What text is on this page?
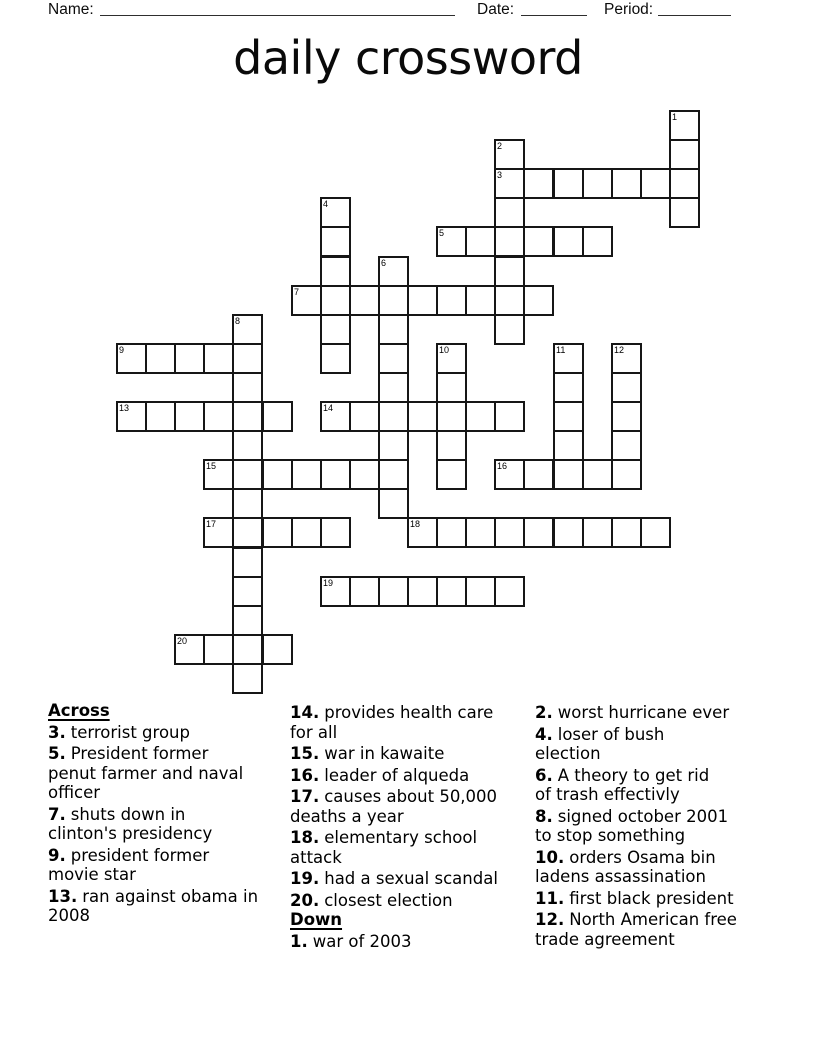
Name:	Date:	Period:
daily crossword
1
2
3
4
5
6
7
8
9	10	11	12
13	14
15	16
17	18
19
20
Across

3. terrorist group

5. President former
penut farmer and naval
officer

7. shuts down in
clinton's presidency

9. president former
movie star

13. ran against obama in
2008

14. provides health care
for all

15. war in kawaite

16. leader of alqueda

17. causes about 50,000
deaths a year

18. elementary school
attack

19. had a sexual scandal

20. closest election

Down

1. war of 2003

2. worst hurricane ever

4. loser of bush
election

6. A theory to get rid
of trash effectivly

8. signed october 2001
to stop something

10. orders Osama bin
ladens assassination

11. first black president

12. North American free
trade agreement
